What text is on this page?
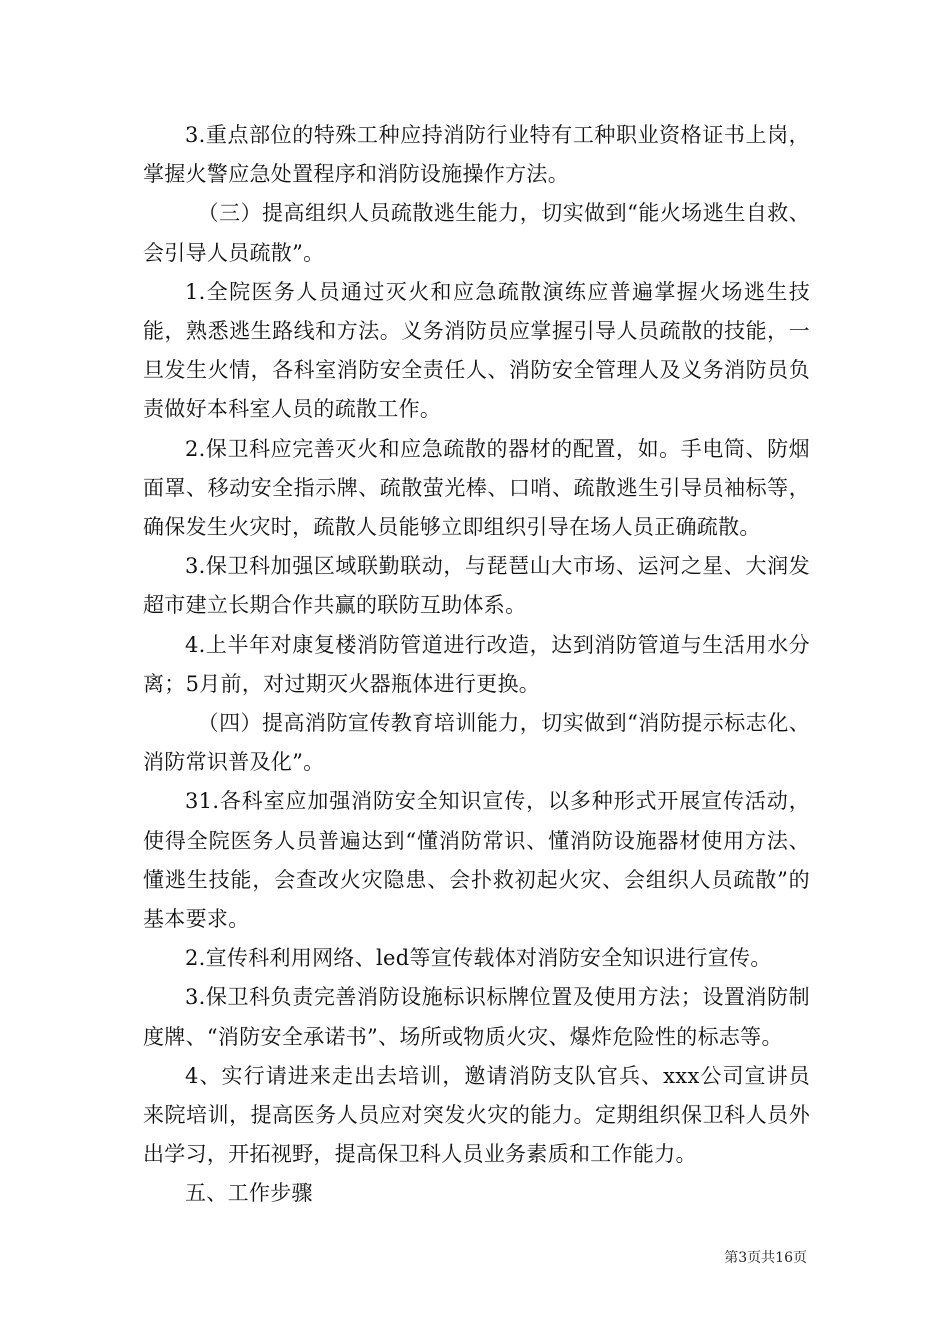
3.重点部位的特殊工种应持消防行业特有工种职业资格证书上岗，掌握火警应急处置程序和消防设施操作方法。

（三）提高组织人员疏散逃生能力，切实做到“能火场逃生自救、会引导人员疏散”。

1.全院医务人员通过灭火和应急疏散演练应普遍掌握火场逃生技能，熟悉逃生路线和方法。义务消防员应掌握引导人员疏散的技能，一旦发生火情，各科室消防安全责任人、消防安全管理人及义务消防员负责做好本科室人员的疏散工作。

2.保卫科应完善灭火和应急疏散的器材的配置，如。手电筒、防烟面罩、移动安全指示牌、疏散萤光棒、口哨、疏散逃生引导员袖标等，确保发生火灾时，疏散人员能够立即组织引导在场人员正确疏散。

3.保卫科加强区域联勤联动，与琵琶山大市场、运河之星、大润发超市建立长期合作共赢的联防互助体系。

4.上半年对康复楼消防管道进行改造，达到消防管道与生活用水分离；5月前，对过期灭火器瓶体进行更换。

（四）提高消防宣传教育培训能力，切实做到“消防提示标志化、消防常识普及化”。

31.各科室应加强消防安全知识宣传，以多种形式开展宣传活动，使得全院医务人员普遍达到“懂消防常识、懂消防设施器材使用方法、懂逃生技能，会查改火灾隐患、会扑救初起火灾、会组织人员疏散”的基本要求。

2.宣传科利用网络、led等宣传载体对消防安全知识进行宣传。

3.保卫科负责完善消防设施标识标牌位置及使用方法；设置消防制度牌、“消防安全承诺书”、场所或物质火灾、爆炸危险性的标志等。

4、实行请进来走出去培训，邀请消防支队官兵、xxx公司宣讲员来院培训，提高医务人员应对突发火灾的能力。定期组织保卫科人员外出学习，开拓视野，提高保卫科人员业务素质和工作能力。

五、工作步骤

第3页共16页
